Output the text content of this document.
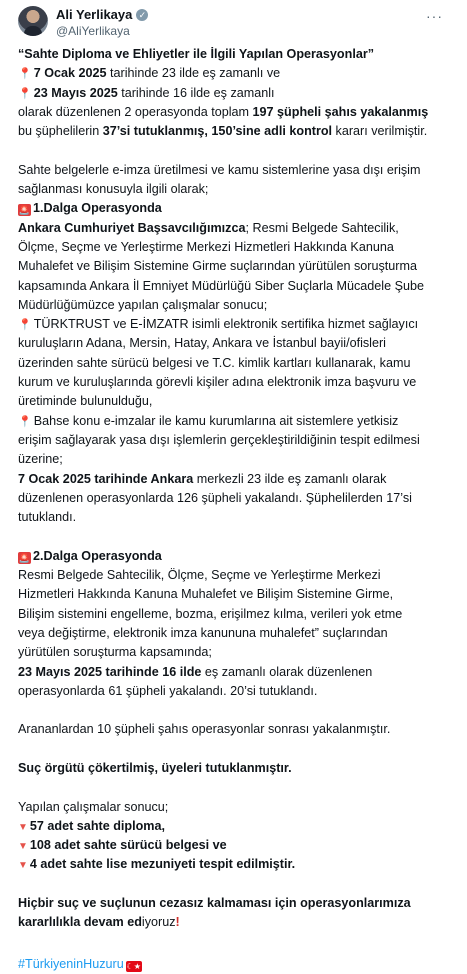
Ali Yerlikaya ✓
@AliYerlikaya
···
“Sahte Diploma ve Ehliyetler ile İlgili Yapılan Operasyonlar”
📍 7 Ocak 2025 tarihinde 23 ilde eş zamanlı ve
📍 23 Mayıs 2025 tarihinde 16 ilde eş zamanlı
olarak düzenlenen 2 operasyonda toplam 197 şüpheli şahıs yakalanmış
bu şüphelilerin 37’si tutuklanmış, 150’sine adli kontrol kararı verilmiştir.
Sahte belgelerle e-imza üretilmesi ve kamu sistemlerine yasa dışı erişim
sağlanması konusuyla ilgili olarak;
🚨 1.Dalga Operasyonda
Ankara Cumhuriyet Başsavcılığımızca; Resmi Belgede Sahtecilik,
Ölçme, Seçme ve Yerleştirme Merkezi Hizmetleri Hakkında Kanuna
Muhalefet ve Bilişim Sistemine Girme suçlarından yürütülen soruşturma
kapsamında Ankara İl Emniyet Müdürlüğü Siber Suçlarla Mücadele Şube
Müdürlüğümüzce yapılan çalışmalar sonucu;
📍 TÜRKTRUST ve E-İMZATR isimli elektronik sertifika hizmet sağlayıcı
kuruluşların Adana, Mersin, Hatay, Ankara ve İstanbul bayii/ofisleri
üzerinden sahte sürücü belgesi ve T.C. kimlik kartları kullanarak, kamu
kurum ve kuruluşlarında görevli kişiler adına elektronik imza başvuru ve
üretiminde bulunulduğu,
📍 Bahse konu e-imzalar ile kamu kurumlarına ait sistemlere yetkisiz
erişim sağlayarak yasa dışı işlemlerin gerçekleştirildiğinin tespit edilmesi
üzerine;
7 Ocak 2025 tarihinde Ankara merkezli 23 ilde eş zamanlı olarak
düzenlenen operasyonlarda 126 şüpheli yakalandı. Şüphelilerden 17’si
tutuklandı.
🚨 2.Dalga Operasyonda
Resmi Belgede Sahtecilik, Ölçme, Seçme ve Yerleştirme Merkezi
Hizmetleri Hakkında Kanuna Muhalefet ve Bilişim Sistemine Girme,
Bilişim sistemini engelleme, bozma, erişilmez kılma, verileri yok etme
veya değiştirme, elektronik imza kanununa muhalefet” suçlarından
yürütülen soruşturma kapsamında;
23 Mayıs 2025 tarihinde 16 ilde eş zamanlı olarak düzenlenen
operasyonlarda 61 şüpheli yakalandı. 20’si tutuklandı.
Arananlardan 10 şüpheli şahıs operasyonlar sonrası yakalanmıştır.
Suç örgütü çökertilmiş, üyeleri tutuklanmıştır.
Yapılan çalışmalar sonucu;
▼ 57 adet sahte diploma,
▼ 108 adet sahte sürücü belgesi ve
▼ 4 adet sahte lise mezuniyeti tespit edilmiştir.
Hiçbir suç ve suçlunun cezasız kalmaması için operasyonlarımıza
kararlılıkla devam ediyoruz!
#TürkiyeninHuzuru ☾★
